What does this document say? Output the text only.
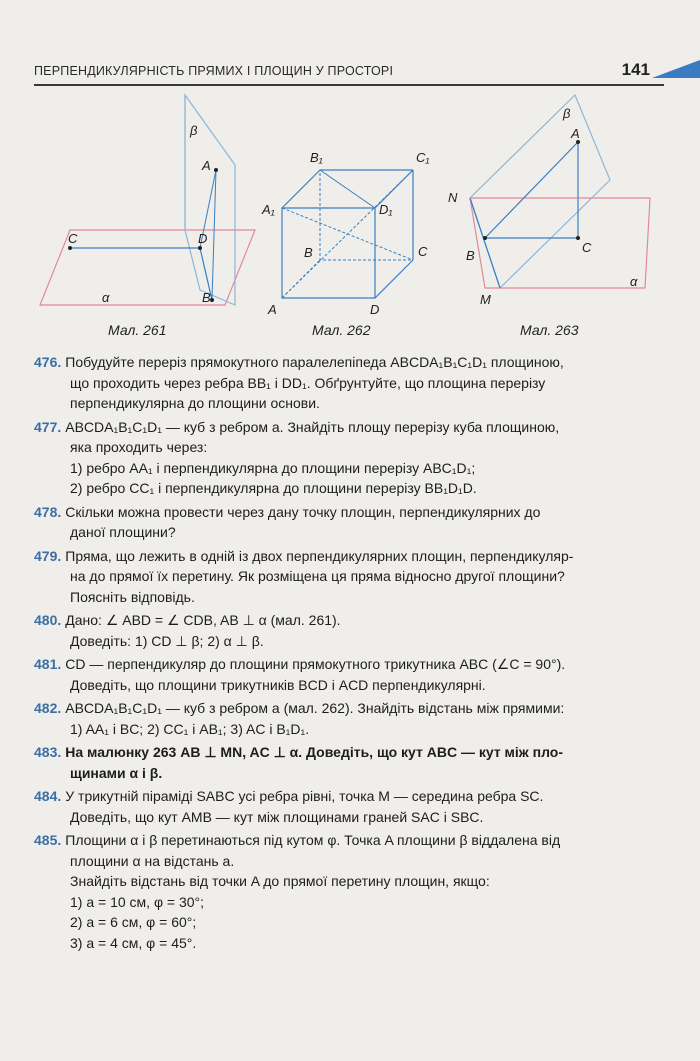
ПЕРПЕНДИКУЛЯРНІСТЬ ПРЯМИХ І ПЛОЩИН У ПРОСТОРІ	141
β
A
C	D
B
α
B₁	C₁
A₁	D₁
B	C
A	D
β
A
N
B
C
M
α
Мал. 261	Мал. 262	Мал. 263
476. Побудуйте переріз прямокутного паралелепіпеда ABCDA₁B₁C₁D₁ площиною,
що проходить через ребра BB₁ і DD₁. Обґрунтуйте, що площина перерізу
перпендикулярна до площини основи.
477. ABCDA₁B₁C₁D₁ — куб з ребром a. Знайдіть площу перерізу куба площиною,
яка проходить через:
1) ребро AA₁ і перпендикулярна до площини перерізу ABC₁D₁;
2) ребро CC₁ і перпендикулярна до площини перерізу BB₁D₁D.
478. Скільки можна провести через дану точку площин, перпендикулярних до
даної площини?
479. Пряма, що лежить в одній із двох перпендикулярних площин, перпендикуляр-
на до прямої їх перетину. Як розміщена ця пряма відносно другої площини?
Поясніть відповідь.
480. Дано: ∠ ABD = ∠ CDB, AB ⊥ α (мал. 261).
Доведіть: 1) CD ⊥ β; 2) α ⊥ β.
481. CD — перпендикуляр до площини прямокутного трикутника ABC (∠C = 90°).
Доведіть, що площини трикутників BCD і ACD перпендикулярні.
482. ABCDA₁B₁C₁D₁ — куб з ребром a (мал. 262). Знайдіть відстань між прямими:
1) AA₁ і BC; 2) CC₁ і AB₁; 3) AC і B₁D₁.
483. На малюнку 263 AB ⊥ MN, AC ⊥ α. Доведіть, що кут ABC — кут між пло-
щинами α і β.
484. У трикутній піраміді SABC усі ребра рівні, точка M — середина ребра SC.
Доведіть, що кут AMB — кут між площинами граней SAC і SBC.
485. Площини α і β перетинаються під кутом φ. Точка A площини β віддалена від
площини α на відстань a.
Знайдіть відстань від точки A до прямої перетину площин, якщо:
1) a = 10 см, φ = 30°;
2) a = 6 см, φ = 60°;
3) a = 4 см, φ = 45°.
